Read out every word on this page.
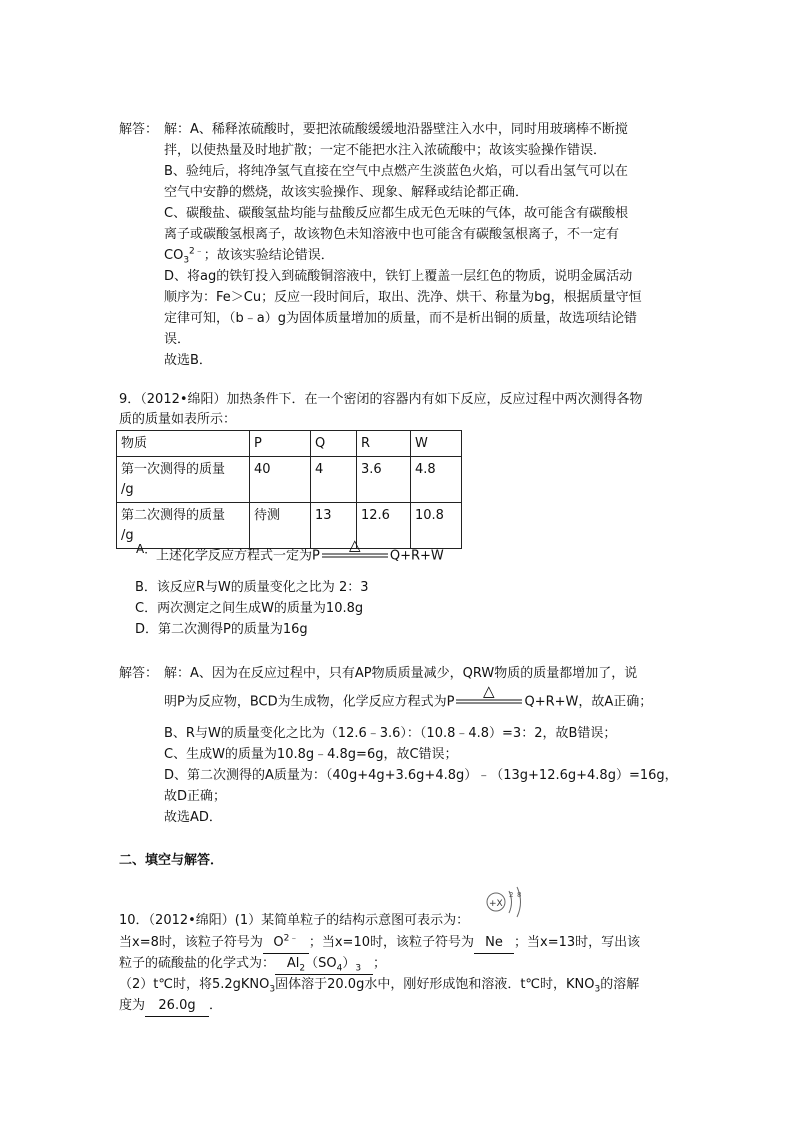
解答： 解：A、稀释浓硫酸时，要把浓硫酸缓缓地沿器壁注入水中，同时用玻璃棒不断搅
拌，以使热量及时地扩散；一定不能把水注入浓硫酸中；故该实验操作错误．
B、验纯后，将纯净氢气直接在空气中点燃产生淡蓝色火焰，可以看出氢气可以在
空气中安静的燃烧，故该实验操作、现象、解释或结论都正确．
C、碳酸盐、碳酸氢盐均能与盐酸反应都生成无色无味的气体，故可能含有碳酸根
离子或碳酸氢根离子，故该物色未知溶液中也可能含有碳酸氢根离子，不一定有
$CO_3^{2﹣}$；故该实验结论错误．
D、将ag的铁钉投入到硫酸铜溶液中，铁钉上覆盖一层红色的物质，说明金属活动
顺序为：Fe＞Cu；反应一段时间后，取出、洗净、烘干、称量为bg，根据质量守恒
定律可知，（b﹣a）g为固体质量增加的质量，而不是析出铜的质量，故选项结论错
误．
故选B．
9．（2012•绵阳）加热条件下．在一个密闭的容器内有如下反应，反应过程中两次测得各物
质的质量如表所示：
物质	P	Q	R	W
第一次测得的质量
/g	40	4	3.6	4.8
第二次测得的质量
/g	待测	13	12.6	10.8
A． 上述化学反应方程式一定为P
△
Q+R+W
B．该反应R与W的质量变化之比为 2：3
C．两次测定之间生成W的质量为10.8g
D．第二次测得P的质量为16g
解答： 解：A、因为在反应过程中，只有AP物质质量减少，QRW物质的质量都增加了，说
明P为反应物，BCD为生成物，化学反应方程式为P
△
Q+R+W，故A正确；
B、R与W的质量变化之比为（12.6﹣3.6）：（10.8﹣4.8）=3：2，故B错误；
C、生成W的质量为10.8g﹣4.8g=6g，故C错误；
D、第二次测得的A质量为：（40g+4g+3.6g+4.8g）﹣（13g+12.6g+4.8g）=16g，
故D正确；
故选AD．
二、填空与解答．
10．（2012•绵阳）(1）某简单粒子的结构示意图可表示为：
+X
2 8
当x=8时，该粒子符号为 $O^{2﹣}$ ；当x=10时，该粒子符号为 Ne ；当x=13时，写出该
粒子的硫酸盐的化学式为： $Al_2(SO_4)_3$ ；
（2）t℃时，将5.2gKNO$_3$固体溶于20.0g水中，刚好形成饱和溶液．t℃时，$KNO_3$的溶解
度为 26.0g ．
